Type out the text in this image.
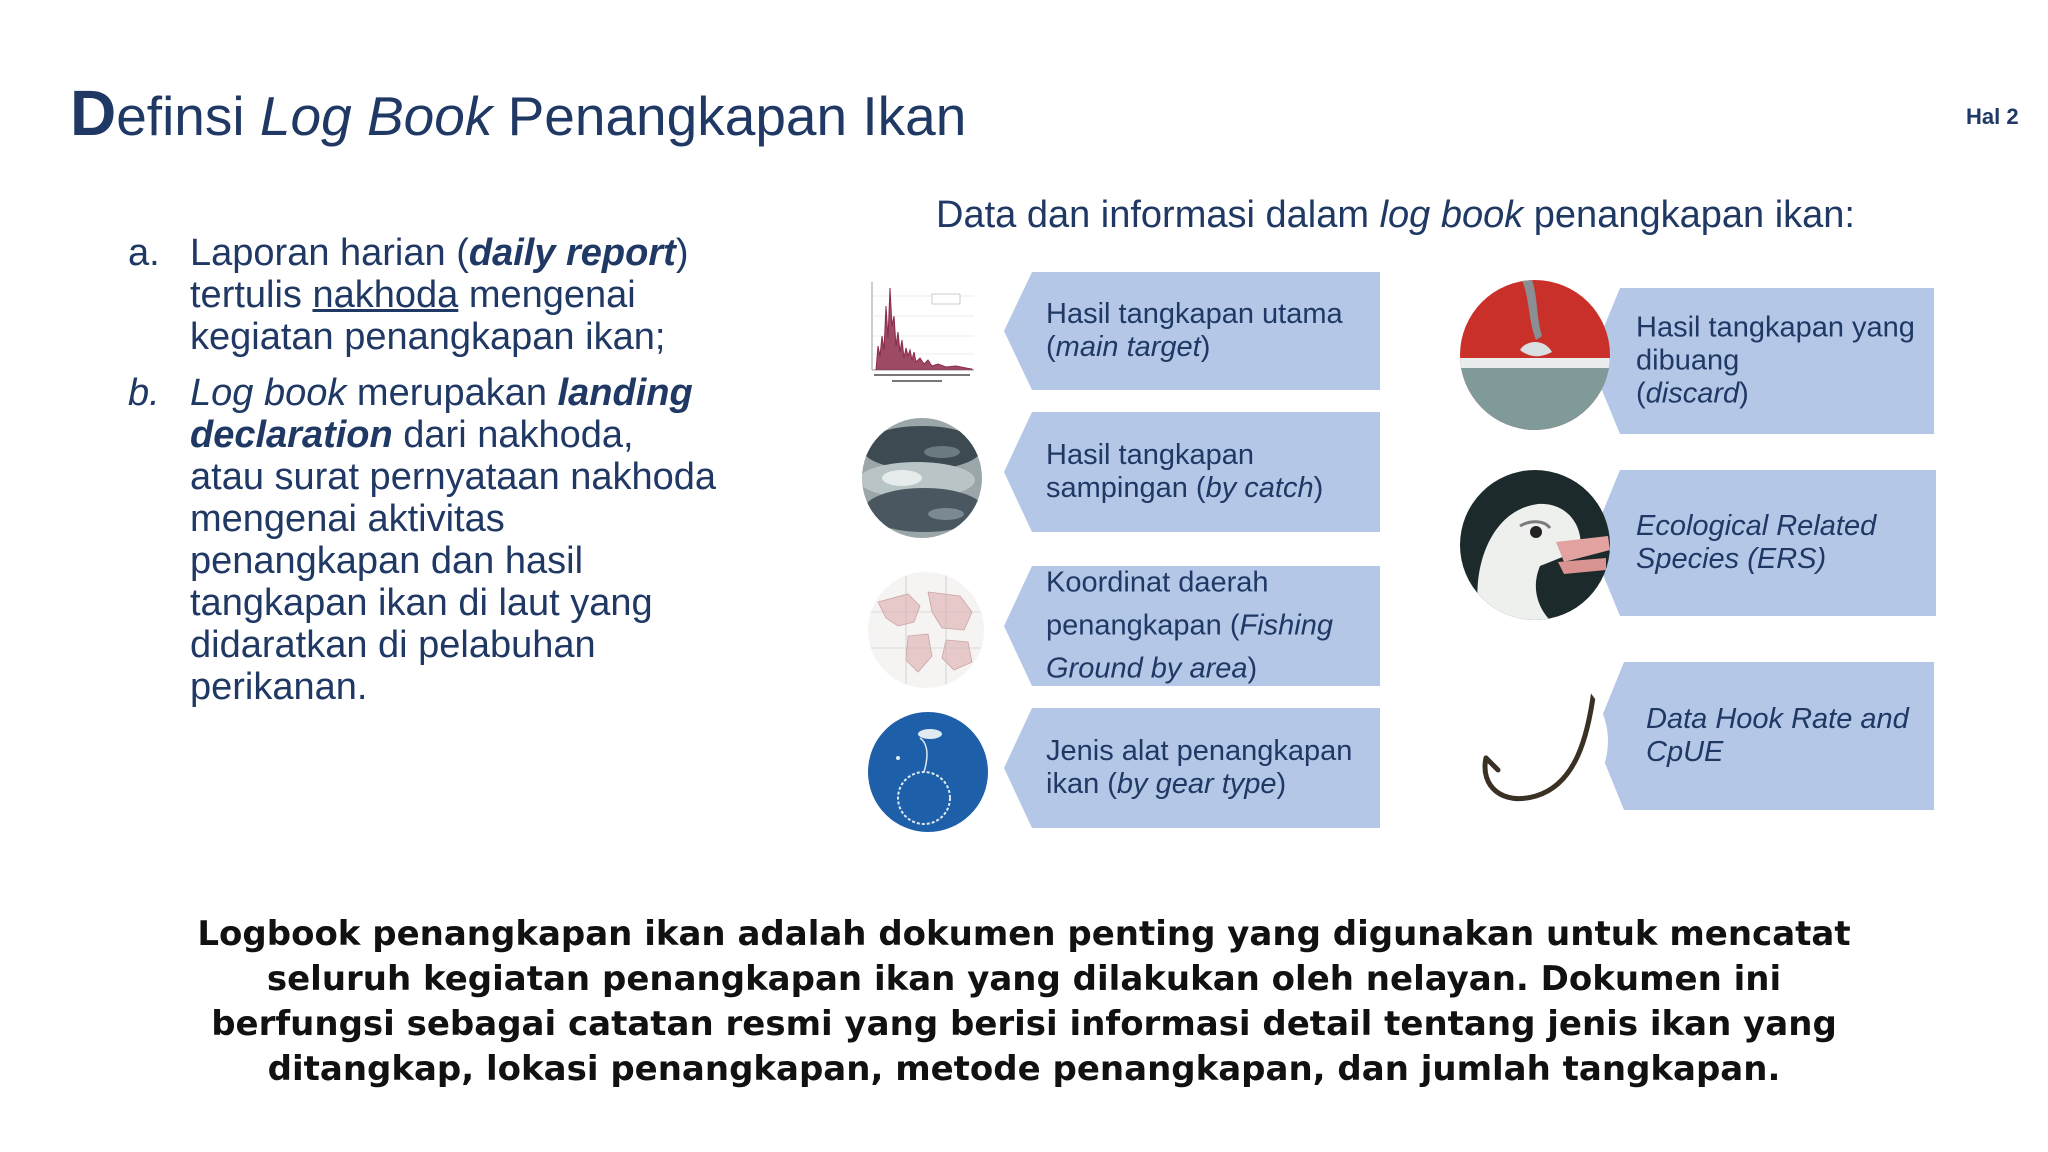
Definsi Log Book Penangkapan Ikan	Hal 2
a. Laporan harian (daily report) tertulis nakhoda mengenai kegiatan penangkapan ikan;
b. Log book merupakan landing declaration dari nakhoda, atau surat pernyataan nakhoda mengenai aktivitas penangkapan dan hasil tangkapan ikan di laut yang didaratkan di pelabuhan perikanan.
Data dan informasi dalam log book penangkapan ikan:
Hasil tangkapan utama
(main target)
Hasil tangkapan sampingan (by catch)
Koordinat daerah penangkapan (Fishing Ground by area)
Jenis alat penangkapan ikan (by gear type)
Hasil tangkapan yang dibuang
(discard)
Ecological Related Species (ERS)
Data Hook Rate and CpUE
Logbook penangkapan ikan adalah dokumen penting yang digunakan untuk mencatat seluruh kegiatan penangkapan ikan yang dilakukan oleh nelayan. Dokumen ini berfungsi sebagai catatan resmi yang berisi informasi detail tentang jenis ikan yang ditangkap, lokasi penangkapan, metode penangkapan, dan jumlah tangkapan.
